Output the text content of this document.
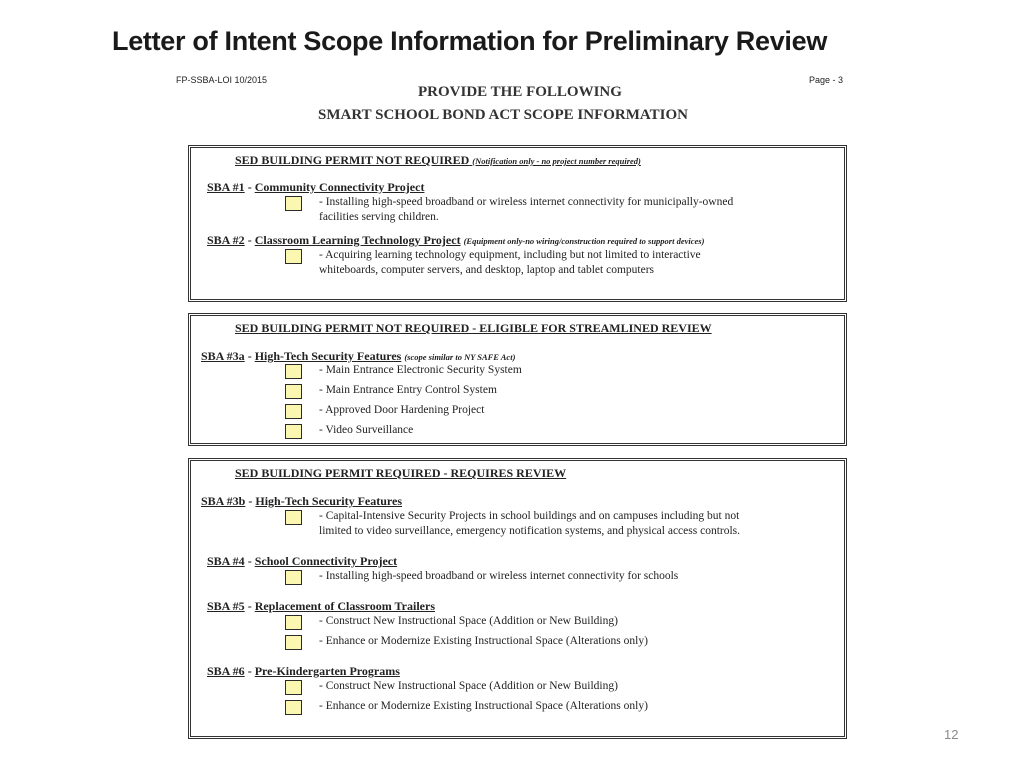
Letter of Intent Scope Information for Preliminary Review
FP-SSBA-LOI 10/2015	Page - 3
PROVIDE THE FOLLOWING
SMART SCHOOL BOND ACT SCOPE INFORMATION
SED BUILDING PERMIT NOT REQUIRED (Notification only - no project number required)
SBA #1 - Community Connectivity Project
- Installing high-speed broadband or wireless internet connectivity for municipally-owned
facilities serving children.
SBA #2 - Classroom Learning Technology Project (Equipment only-no wiring/construction required to support devices)
- Acquiring learning technology equipment, including but not limited to interactive
whiteboards, computer servers, and desktop, laptop and tablet computers
SED BUILDING PERMIT NOT REQUIRED - ELIGIBLE FOR STREAMLINED REVIEW
SBA #3a - High-Tech Security Features (scope similar to NY SAFE Act)
- Main Entrance Electronic Security System
- Main Entrance Entry Control System
- Approved Door Hardening Project
- Video Surveillance
SED BUILDING PERMIT REQUIRED - REQUIRES REVIEW
SBA #3b - High-Tech Security Features
- Capital-Intensive Security Projects in school buildings and on campuses including but not
limited to video surveillance, emergency notification systems, and physical access controls.
SBA #4 - School Connectivity Project
- Installing high-speed broadband or wireless internet connectivity for schools
SBA #5 - Replacement of Classroom Trailers
- Construct New Instructional Space (Addition or New Building)
- Enhance or Modernize Existing Instructional Space (Alterations only)
SBA #6 - Pre-Kindergarten Programs
- Construct New Instructional Space (Addition or New Building)
- Enhance or Modernize Existing Instructional Space (Alterations only)
12
